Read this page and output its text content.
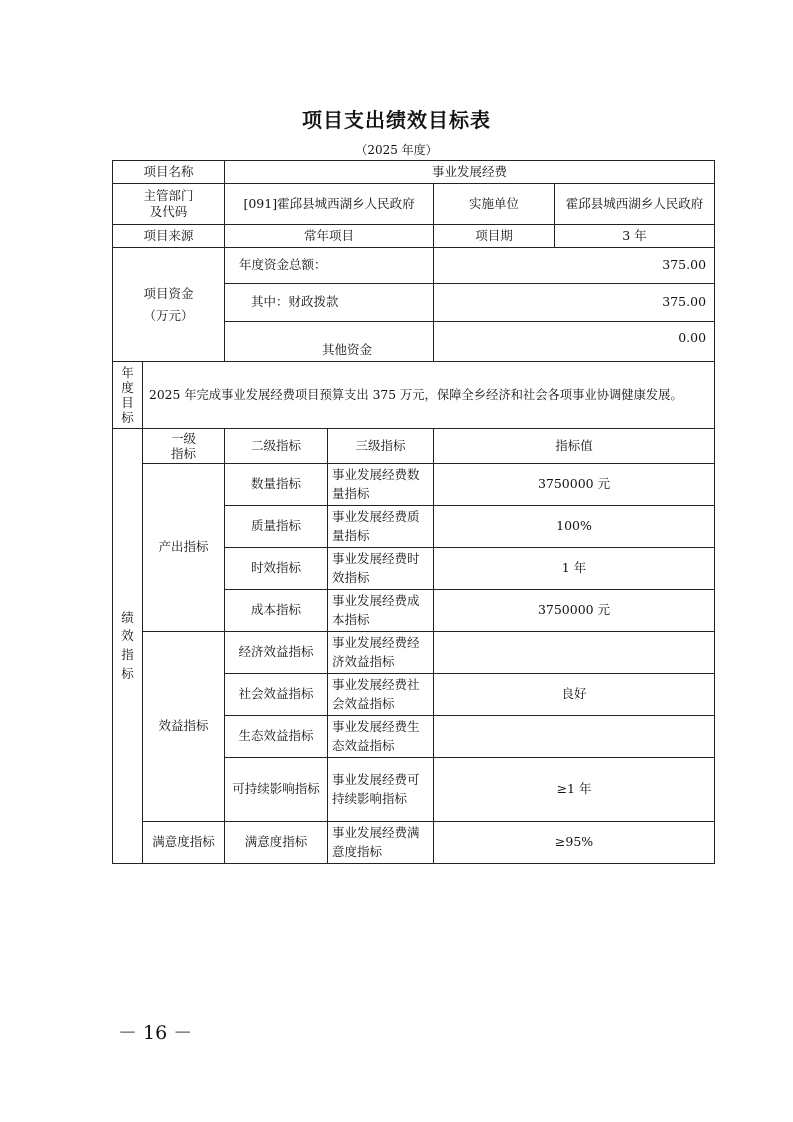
项目支出绩效目标表
（2025 年度）
项目名称		事业发展经费			

主管部门及代码		[091]霍邱县城西湖乡人民政府		实施单位	霍邱县城西湖乡人民政府

项目来源		常年项目		项目期	3 年

项目资金（万元）		年度资金总额：		375.00	
		其中：财政拨款		375.00	
		其他资金		0.00	

年度目标	2025 年完成事业发展经费项目预算支出 375 万元，保障全乡经济和社会各项事业协调健康发展。				

绩效指标	一级指标	二级指标	三级指标	指标值	
	产出指标	数量指标	事业发展经费数量指标	3750000 元	
		质量指标	事业发展经费质量指标	100%	
		时效指标	事业发展经费时效指标	1 年	
		成本指标	事业发展经费成本指标	3750000 元	
	效益指标	经济效益指标	事业发展经费经济效益指标		

		社会效益指标	事业发展经费社会效益指标	良好	
		生态效益指标	事业发展经费生态效益指标		

		可持续影响指标	事业发展经费可持续影响指标	≥1 年	
	满意度指标	满意度指标	事业发展经费满意度指标	≥95%	
－ 16 －
